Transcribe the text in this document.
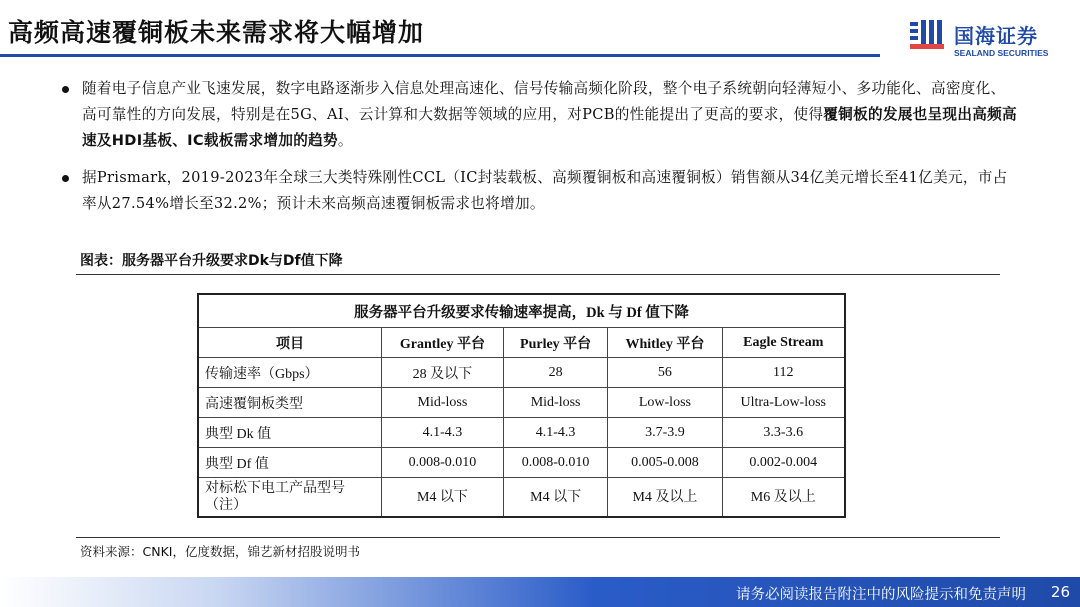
高频高速覆铜板未来需求将大幅增加	国海证券
SEALAND SECURITIES
随着电子信息产业飞速发展，数字电路逐渐步入信息处理高速化、信号传输高频化阶段，整个电子系统朝向轻薄短小、多功能化、高密度化、高可靠性的方向发展，特别是在5G、AI、云计算和大数据等领域的应用，对PCB的性能提出了更高的要求，使得覆铜板的发展也呈现出高频高速及HDI基板、IC载板需求增加的趋势。
据Prismark，2019-2023年全球三大类特殊刚性CCL（IC封装载板、高频覆铜板和高速覆铜板）销售额从34亿美元增长至41亿美元，市占率从27.54%增长至32.2%；预计未来高频高速覆铜板需求也将增加。
图表：服务器平台升级要求Dk与Df值下降
服务器平台升级要求传输速率提高，Dk 与 Df 值下降				
项目	Grantley 平台	Purley 平台	Whitley 平台	Eagle Stream
传输速率（Gbps）	28 及以下	28	56	112
高速覆铜板类型	Mid-loss	Mid-loss	Low-loss	Ultra-Low-loss
典型 Dk 值	4.1-4.3	4.1-4.3	3.7-3.9	3.3-3.6
典型 Df 值	0.008-0.010	0.008-0.010	0.005-0.008	0.002-0.004
对标松下电工产品型号（注）	M4 以下	M4 以下	M4 及以上	M6 及以上
资料来源：CNKI，亿度数据，锦艺新材招股说明书
请务必阅读报告附注中的风险提示和免责声明 26
